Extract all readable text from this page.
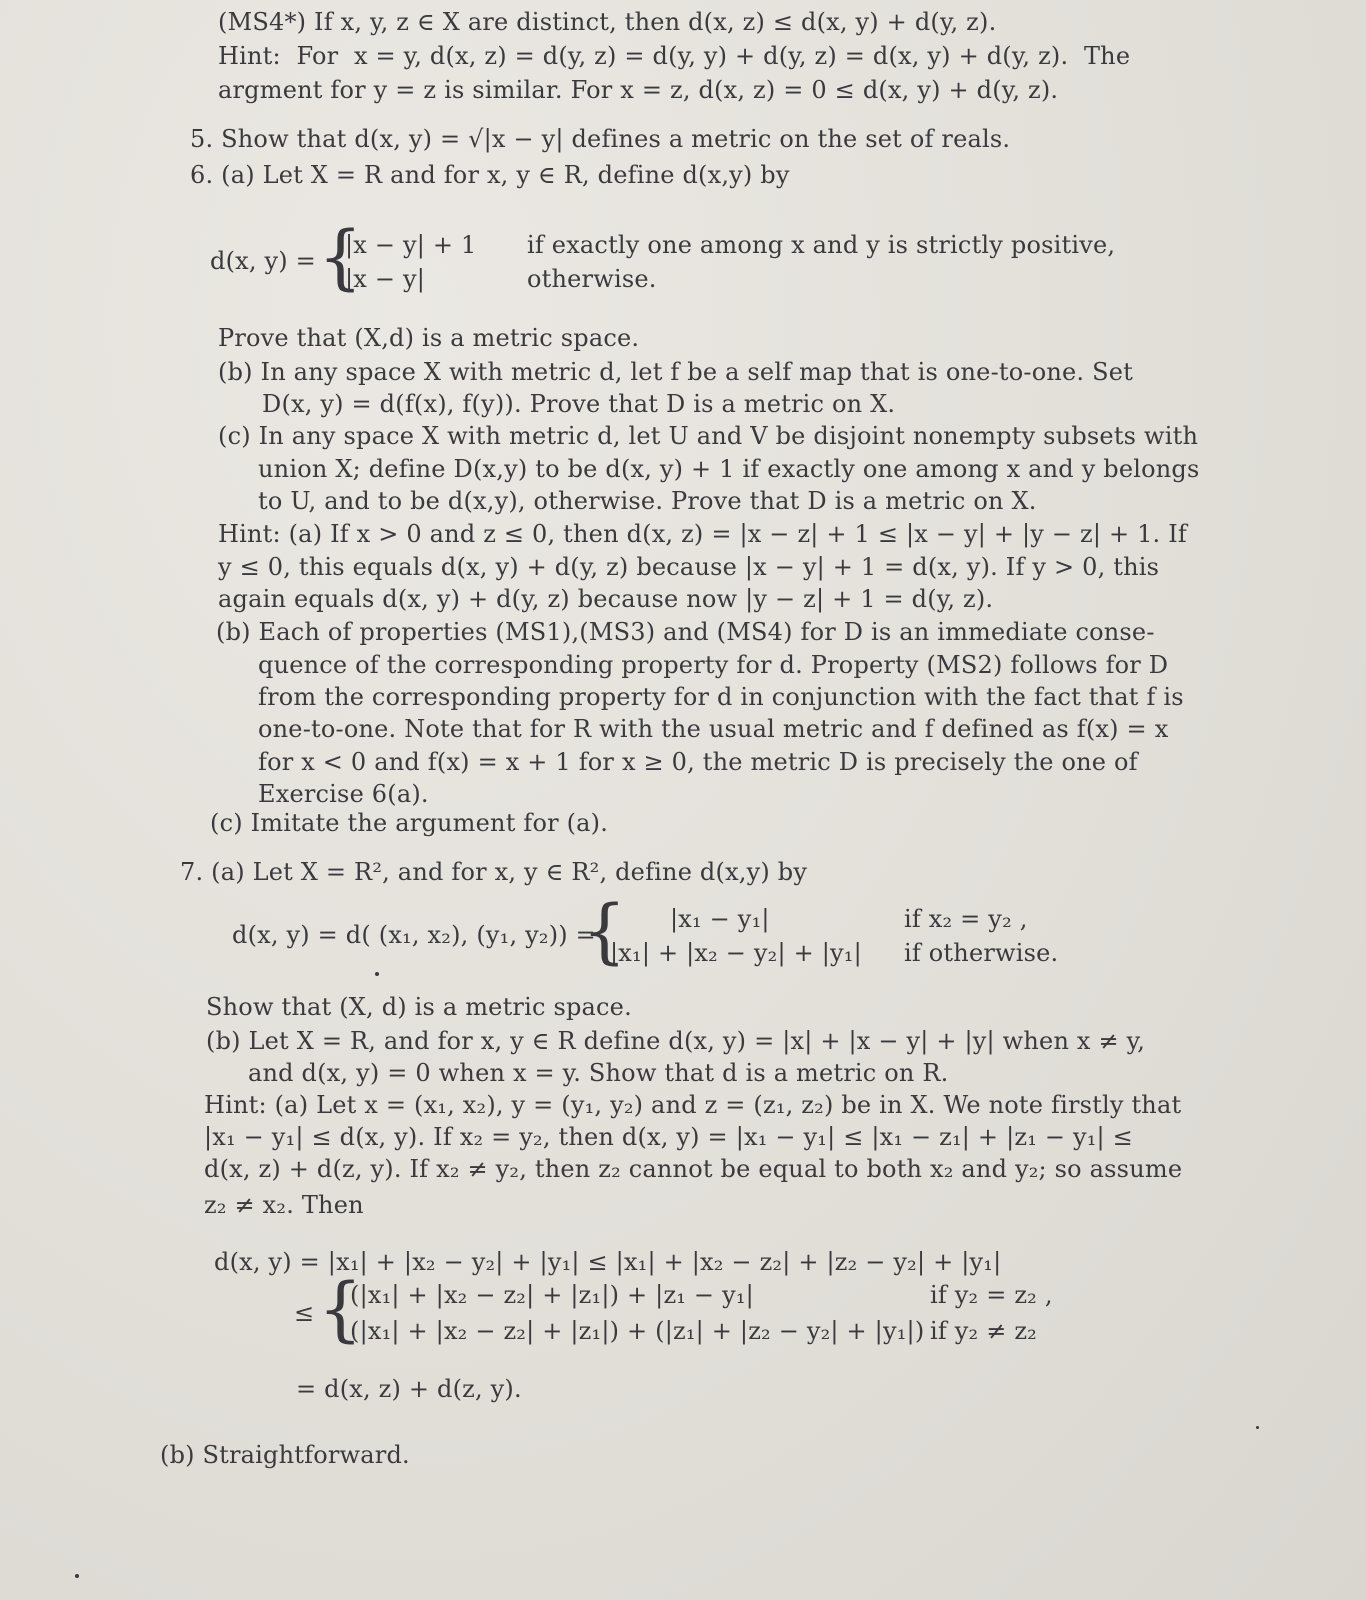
(MS4*) If x, y, z ∈ X are distinct, then d(x, z) ≤ d(x, y) + d(y, z).
Hint:  For  x = y, d(x, z) = d(y, z) = d(y, y) + d(y, z) = d(x, y) + d(y, z).  The
argment for y = z is similar. For x = z, d(x, z) = 0 ≤ d(x, y) + d(y, z).
5. Show that d(x, y) = √|x − y| defines a metric on the set of reals.
6. (a) Let X = R and for x, y ∈ R, define d(x,y) by
d(x, y) = {
|x − y| + 1 if exactly one among x and y is strictly positive,
|x − y|	otherwise.
Prove that (X,d) is a metric space.
(b) In any space X with metric d, let f be a self map that is one-to-one. Set
D(x, y) = d(f(x), f(y)). Prove that D is a metric on X.
(c) In any space X with metric d, let U and V be disjoint nonempty subsets with
union X; define D(x,y) to be d(x, y) + 1 if exactly one among x and y belongs
to U, and to be d(x,y), otherwise. Prove that D is a metric on X.
Hint: (a) If x > 0 and z ≤ 0, then d(x, z) = |x − z| + 1 ≤ |x − y| + |y − z| + 1. If
y ≤ 0, this equals d(x, y) + d(y, z) because |x − y| + 1 = d(x, y). If y > 0, this
again equals d(x, y) + d(y, z) because now |y − z| + 1 = d(y, z).
(b) Each of properties (MS1),(MS3) and (MS4) for D is an immediate conse-
quence of the corresponding property for d. Property (MS2) follows for D
from the corresponding property for d in conjunction with the fact that f is
one-to-one. Note that for R with the usual metric and f defined as f(x) = x
for x < 0 and f(x) = x + 1 for x ≥ 0, the metric D is precisely the one of
Exercise 6(a).
(c) Imitate the argument for (a).
7. (a) Let X = R², and for x, y ∈ R², define d(x,y) by
d(x, y) = d( (x₁, x₂), (y₁, y₂)) =
{ |x₁ − y₁|	if x₂ = y₂ ,
|x₁| + |x₂ − y₂| + |y₁| if otherwise.
Show that (X, d) is a metric space.
(b) Let X = R, and for x, y ∈ R define d(x, y) = |x| + |x − y| + |y| when x ≠ y,
and d(x, y) = 0 when x = y. Show that d is a metric on R.
Hint: (a) Let x = (x₁, x₂), y = (y₁, y₂) and z = (z₁, z₂) be in X. We note firstly that
|x₁ − y₁| ≤ d(x, y). If x₂ = y₂, then d(x, y) = |x₁ − y₁| ≤ |x₁ − z₁| + |z₁ − y₁| ≤
d(x, z) + d(z, y). If x₂ ≠ y₂, then z₂ cannot be equal to both x₂ and y₂; so assume
z₂ ≠ x₂. Then
d(x, y) = |x₁| + |x₂ − y₂| + |y₁| ≤ |x₁| + |x₂ − z₂| + |z₂ − y₂| + |y₁|
≤ {
(|x₁| + |x₂ − z₂| + |z₁|) + |z₁ − y₁|	if y₂ = z₂ ,
(|x₁| + |x₂ − z₂| + |z₁|) + (|z₁| + |z₂ − y₂| + |y₁|) if y₂ ≠ z₂
= d(x, z) + d(z, y).
(b) Straightforward.
